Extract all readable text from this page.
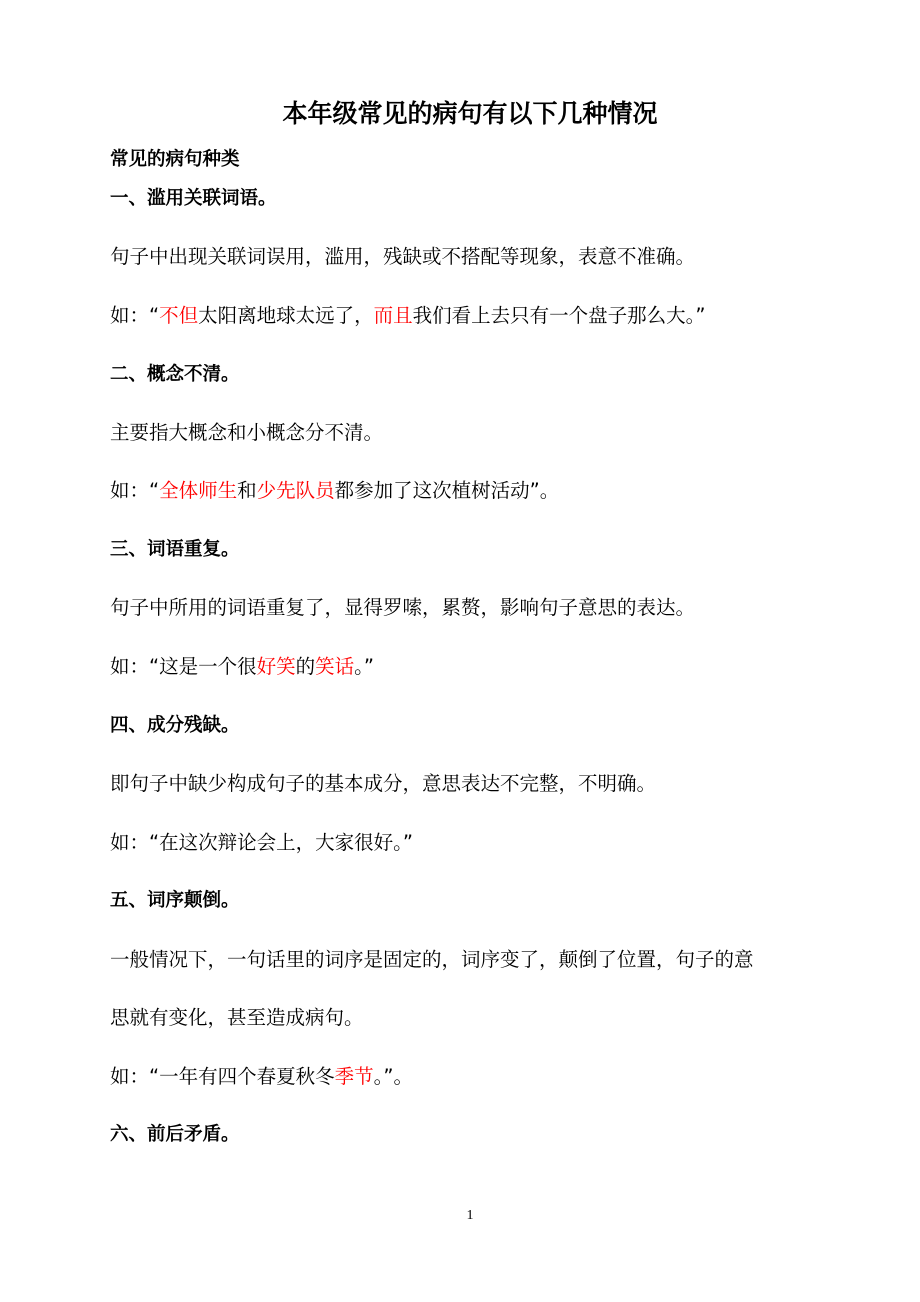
本年级常见的病句有以下几种情况
常见的病句种类
一、滥用关联词语。
句子中出现关联词误用，滥用，残缺或不搭配等现象，表意不准确。
如：“不但太阳离地球太远了，而且我们看上去只有一个盘子那么大。”
二、概念不清。
主要指大概念和小概念分不清。
如：“全体师生和少先队员都参加了这次植树活动”。
三、词语重复。
句子中所用的词语重复了，显得罗嗦，累赘，影响句子意思的表达。
如：“这是一个很好笑的笑话。”
四、成分残缺。
即句子中缺少构成句子的基本成分，意思表达不完整，不明确。
如：“在这次辩论会上，大家很好。”
五、词序颠倒。
一般情况下，一句话里的词序是固定的，词序变了，颠倒了位置，句子的意
思就有变化，甚至造成病句。
如：“一年有四个春夏秋冬季节。”。
六、前后矛盾。
1
